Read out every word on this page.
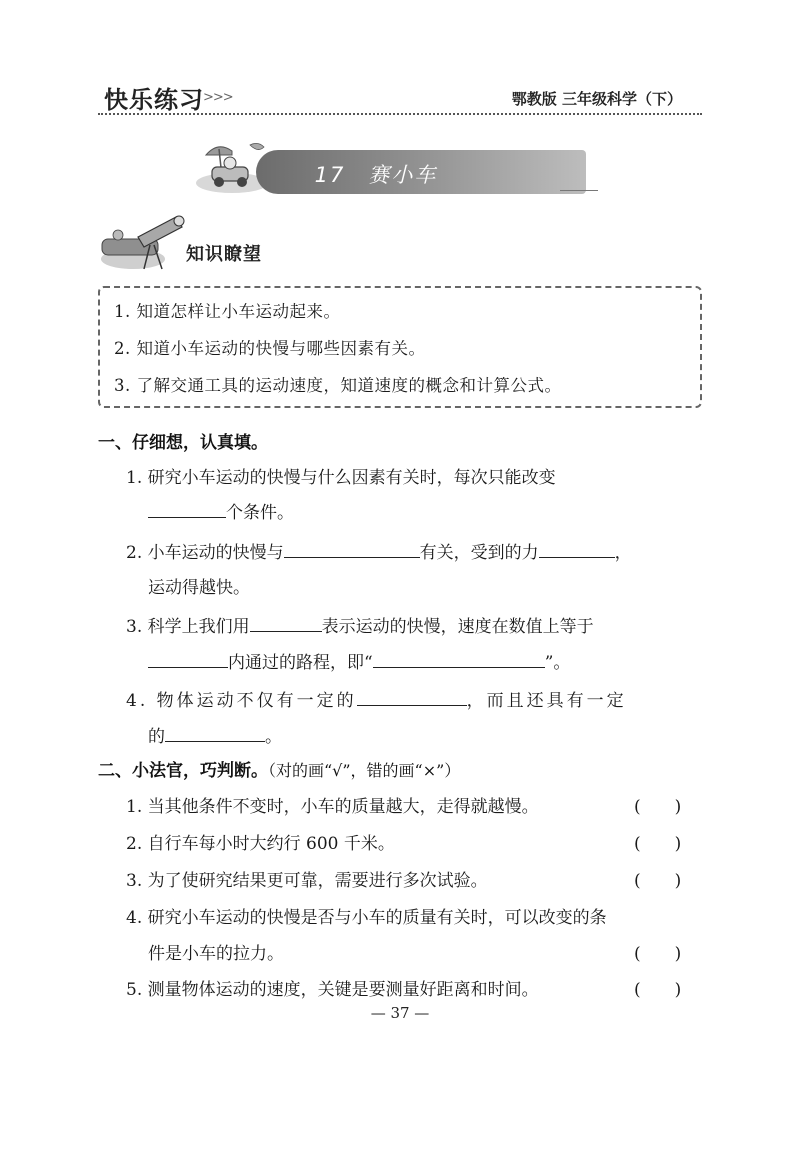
快乐练习 >>>	鄂教版 三年级科学（下）
17　赛小车
知识瞭望
1. 知道怎样让小车运动起来。
2. 知道小车运动的快慢与哪些因素有关。
3. 了解交通工具的运动速度，知道速度的概念和计算公式。
一、仔细想，认真填。
1. 研究小车运动的快慢与什么因素有关时，每次只能改变
个条件。
2. 小车运动的快慢与	有关，受到的力	，
运动得越快。
3. 科学上我们用	表示运动的快慢，速度在数值上等于
内通过的路程，即“	”。
4. 物体运动不仅有一定的	，而且还具有一定
的	。
二、小法官，巧判断。（对的画“√”，错的画“×”）
1. 当其他条件不变时，小车的质量越大，走得就越慢。	(　　)
2. 自行车每小时大约行 600 千米。	(　　)
3. 为了使研究结果更可靠，需要进行多次试验。	(　　)
4. 研究小车运动的快慢是否与小车的质量有关时，可以改变的条
件是小车的拉力。	(　　)
5. 测量物体运动的速度，关键是要测量好距离和时间。	(　　)
— 37 —
